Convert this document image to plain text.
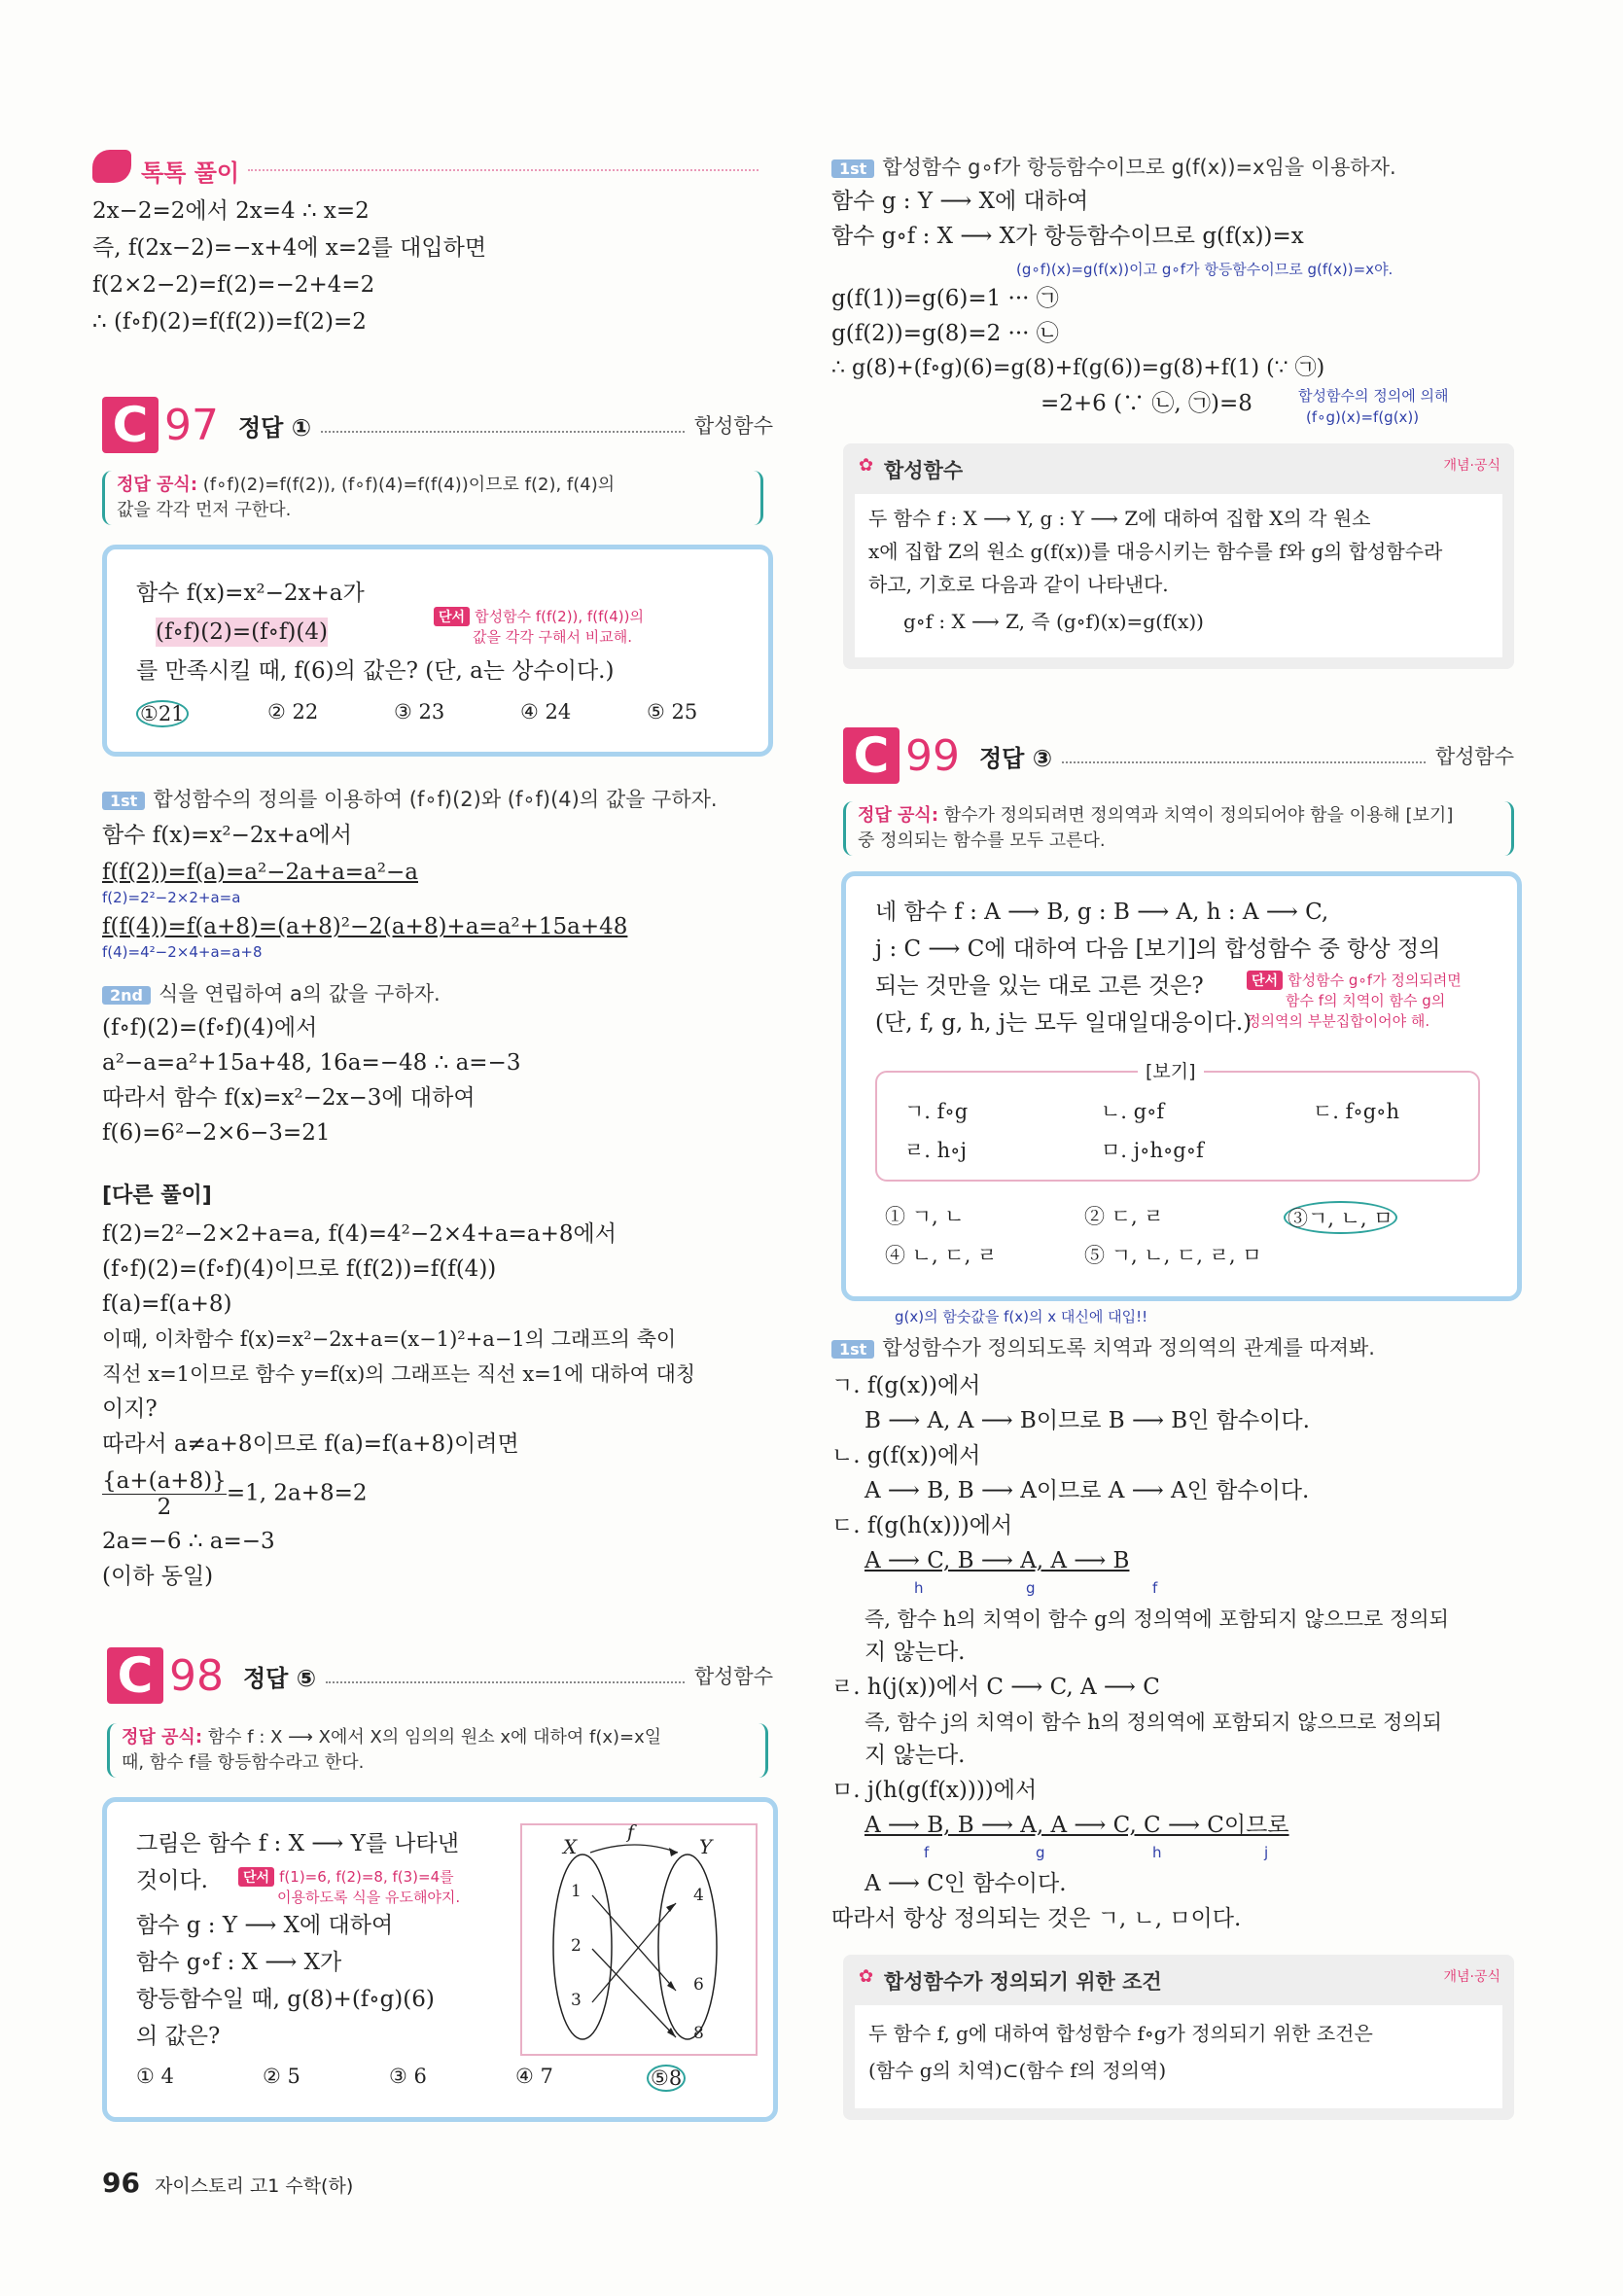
톡톡 풀이
2x−2=2에서 2x=4 ∴ x=2
즉, f(2x−2)=−x+4에 x=2를 대입하면
f(2×2−2)=f(2)=−2+4=2
∴ (f∘f)(2)=f(f(2))=f(2)=2
C 97 정답 ①	합성함수
정답 공식: (f∘f)(2)=f(f(2)), (f∘f)(4)=f(f(4))이므로 f(2), f(4)의
값을 각각 먼저 구한다.
함수 f(x)=x²−2x+a가
(f∘f)(2)=(f∘f)(4)
단서 합성함수 f(f(2)), f(f(4))의
값을 각각 구해서 비교해.
를 만족시킬 때, f(6)의 값은? (단, a는 상수이다.)
①21	② 22	③ 23	④ 24	⑤ 25
1st 합성함수의 정의를 이용하여 (f∘f)(2)와 (f∘f)(4)의 값을 구하자.
함수 f(x)=x²−2x+a에서
f(f(2))=f(a)=a²−2a+a=a²−a
f(2)=2²−2×2+a=a
f(f(4))=f(a+8)=(a+8)²−2(a+8)+a=a²+15a+48
f(4)=4²−2×4+a=a+8
2nd 식을 연립하여 a의 값을 구하자.
(f∘f)(2)=(f∘f)(4)에서
a²−a=a²+15a+48, 16a=−48 ∴ a=−3
따라서 함수 f(x)=x²−2x−3에 대하여
f(6)=6²−2×6−3=21
[다른 풀이]
f(2)=2²−2×2+a=a, f(4)=4²−2×4+a=a+8에서
(f∘f)(2)=(f∘f)(4)이므로 f(f(2))=f(f(4))
f(a)=f(a+8)
이때, 이차함수 f(x)=x²−2x+a=(x−1)²+a−1의 그래프의 축이
직선 x=1이므로 함수 y=f(x)의 그래프는 직선 x=1에 대하여 대칭
이지?
따라서 a≠a+8이므로 f(a)=f(a+8)이려면
$\frac{\{a+(a+8)\}}{2} =1$, 2a+8=2
2a=−6 ∴ a=−3
(이하 동일)
C 98 정답 ⑤	합성함수
정답 공식: 함수 f : X ⟶ X에서 X의 임의의 원소 x에 대하여 f(x)=x일
때, 함수 f를 항등함수라고 한다.
그림은 함수 f : X ⟶ Y를 나타낸
것이다.	단서 f(1)=6, f(2)=8, f(3)=4를
이용하도록 식을 유도해야지.
함수 g : Y ⟶ X에 대하여
함수 g∘f : X ⟶ X가
항등함수일 때, g(8)+(f∘g)(6)
의 값은?
f
X	Y
1
2
3
4
6
8
① 4	② 5	③ 6	④ 7	⑤8
96 자이스토리 고1 수학(하)
1st 합성함수 g∘f가 항등함수이므로 g(f(x))=x임을 이용하자.
함수 g : Y ⟶ X에 대하여
함수 g∘f : X ⟶ X가 항등함수이므로 g(f(x))=x
(g∘f)(x)=g(f(x))이고 g∘f가 항등함수이므로 g(f(x))=x야.
g(f(1))=g(6)=1 ··· ㉠
g(f(2))=g(8)=2 ··· ㉡
∴ g(8)+(f∘g)(6)=g(8)+f(g(6))=g(8)+f(1) (∵ ㉠)
=2+6 (∵ ㉡, ㉠)=8	합성함수의 정의에 의해
(f∘g)(x)=f(g(x))
✿ 합성함수	개념·공식
두 함수 f : X ⟶ Y, g : Y ⟶ Z에 대하여 집합 X의 각 원소
x에 집합 Z의 원소 g(f(x))를 대응시키는 함수를 f와 g의 합성함수라
하고, 기호로 다음과 같이 나타낸다.
g∘f : X ⟶ Z, 즉 (g∘f)(x)=g(f(x))
C 99 정답 ③	합성함수
정답 공식: 함수가 정의되려면 정의역과 치역이 정의되어야 함을 이용해 [보기]
중 정의되는 함수를 모두 고른다.
네 함수 f : A ⟶ B, g : B ⟶ A, h : A ⟶ C,
j : C ⟶ C에 대하여 다음 [보기]의 합성함수 중 항상 정의
되는 것만을 있는 대로 고른 것은?
(단, f, g, h, j는 모두 일대일대응이다.)
단서 합성함수 g∘f가 정의되려면
함수 f의 치역이 함수 g의
정의역의 부분집합이어야 해.
[보기]
ㄱ. f∘g	ㄴ. g∘f	ㄷ. f∘g∘h
ㄹ. h∘j	ㅁ. j∘h∘g∘f
① ㄱ, ㄴ	② ㄷ, ㄹ	③ㄱ, ㄴ, ㅁ
④ ㄴ, ㄷ, ㄹ	⑤ ㄱ, ㄴ, ㄷ, ㄹ, ㅁ
g(x)의 함숫값을 f(x)의 x 대신에 대입!!
1st 합성함수가 정의되도록 치역과 정의역의 관계를 따져봐.
ㄱ. f(g(x))에서
B ⟶ A, A ⟶ B이므로 B ⟶ B인 함수이다.
ㄴ. g(f(x))에서
A ⟶ B, B ⟶ A이므로 A ⟶ A인 함수이다.
ㄷ. f(g(h(x)))에서
A ⟶ C, B ⟶ A, A ⟶ B
h	g	f
즉, 함수 h의 치역이 함수 g의 정의역에 포함되지 않으므로 정의되
지 않는다.
ㄹ. h(j(x))에서 C ⟶ C, A ⟶ C
즉, 함수 j의 치역이 함수 h의 정의역에 포함되지 않으므로 정의되
지 않는다.
ㅁ. j(h(g(f(x))))에서
A ⟶ B, B ⟶ A, A ⟶ C, C ⟶ C이므로
f	g	h	j
A ⟶ C인 함수이다.
따라서 항상 정의되는 것은 ㄱ, ㄴ, ㅁ이다.
✿ 합성함수가 정의되기 위한 조건	개념·공식
두 함수 f, g에 대하여 합성함수 f∘g가 정의되기 위한 조건은
(함수 g의 치역)⊂(함수 f의 정의역)
